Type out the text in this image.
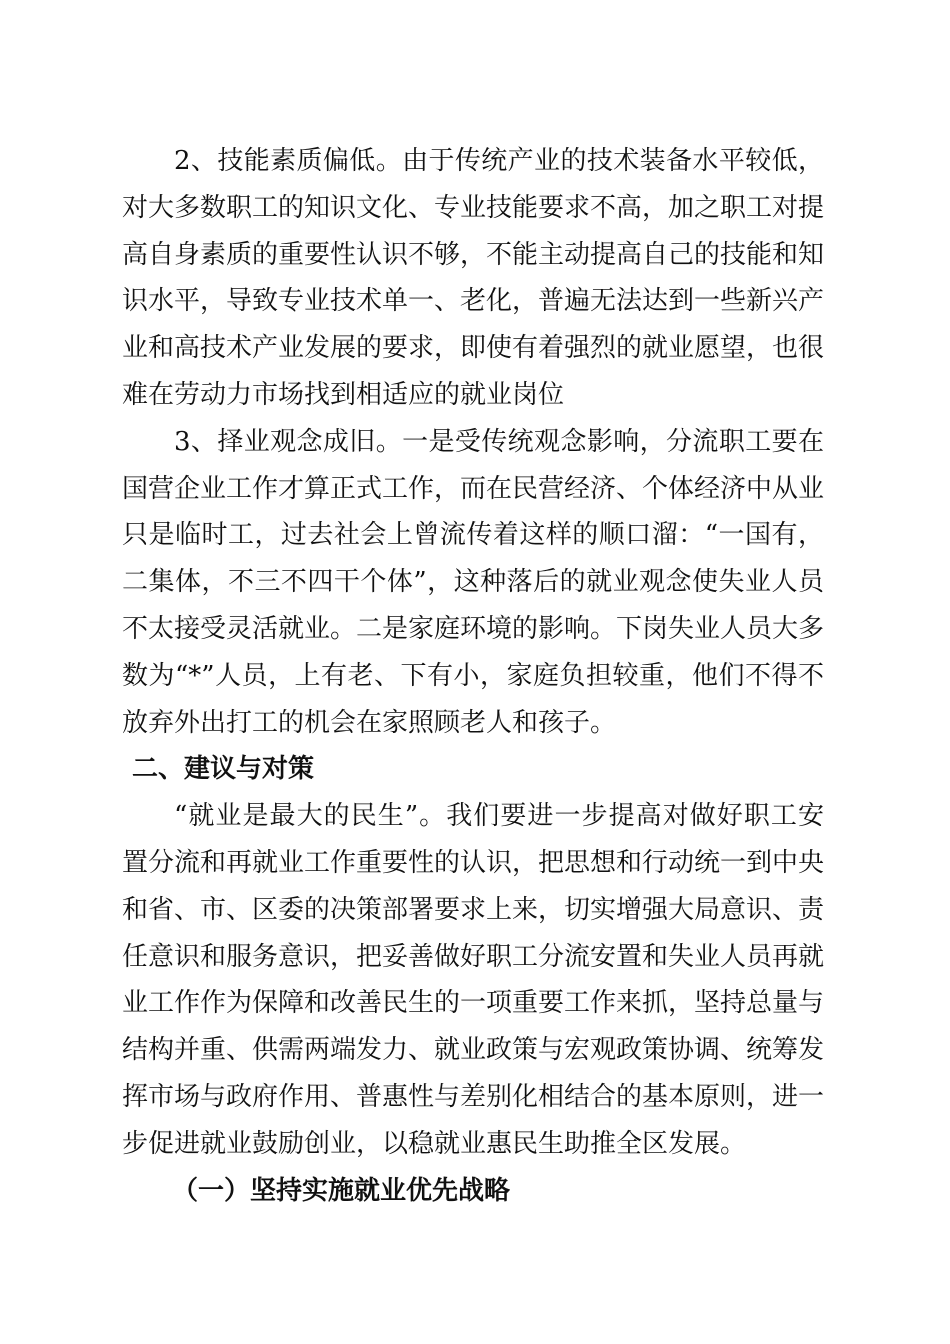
2、技能素质偏低。由于传统产业的技术装备水平较低，对大多数职工的知识文化、专业技能要求不高，加之职工对提高自身素质的重要性认识不够，不能主动提高自己的技能和知识水平，导致专业技术单一、老化，普遍无法达到一些新兴产业和高技术产业发展的要求，即使有着强烈的就业愿望，也很难在劳动力市场找到相适应的就业岗位

3、择业观念成旧。一是受传统观念影响，分流职工要在国营企业工作才算正式工作，而在民营经济、个体经济中从业只是临时工，过去社会上曾流传着这样的顺口溜：“一国有，二集体，不三不四干个体”，这种落后的就业观念使失业人员不太接受灵活就业。二是家庭环境的影响。下岗失业人员大多数为“*”人员，上有老、下有小，家庭负担较重，他们不得不放弃外出打工的机会在家照顾老人和孩子。

二、建议与对策

“就业是最大的民生”。我们要进一步提高对做好职工安置分流和再就业工作重要性的认识，把思想和行动统一到中央和省、市、区委的决策部署要求上来，切实增强大局意识、责任意识和服务意识，把妥善做好职工分流安置和失业人员再就业工作作为保障和改善民生的一项重要工作来抓，坚持总量与结构并重、供需两端发力、就业政策与宏观政策协调、统筹发挥市场与政府作用、普惠性与差别化相结合的基本原则，进一步促进就业鼓励创业，以稳就业惠民生助推全区发展。

（一）坚持实施就业优先战略
